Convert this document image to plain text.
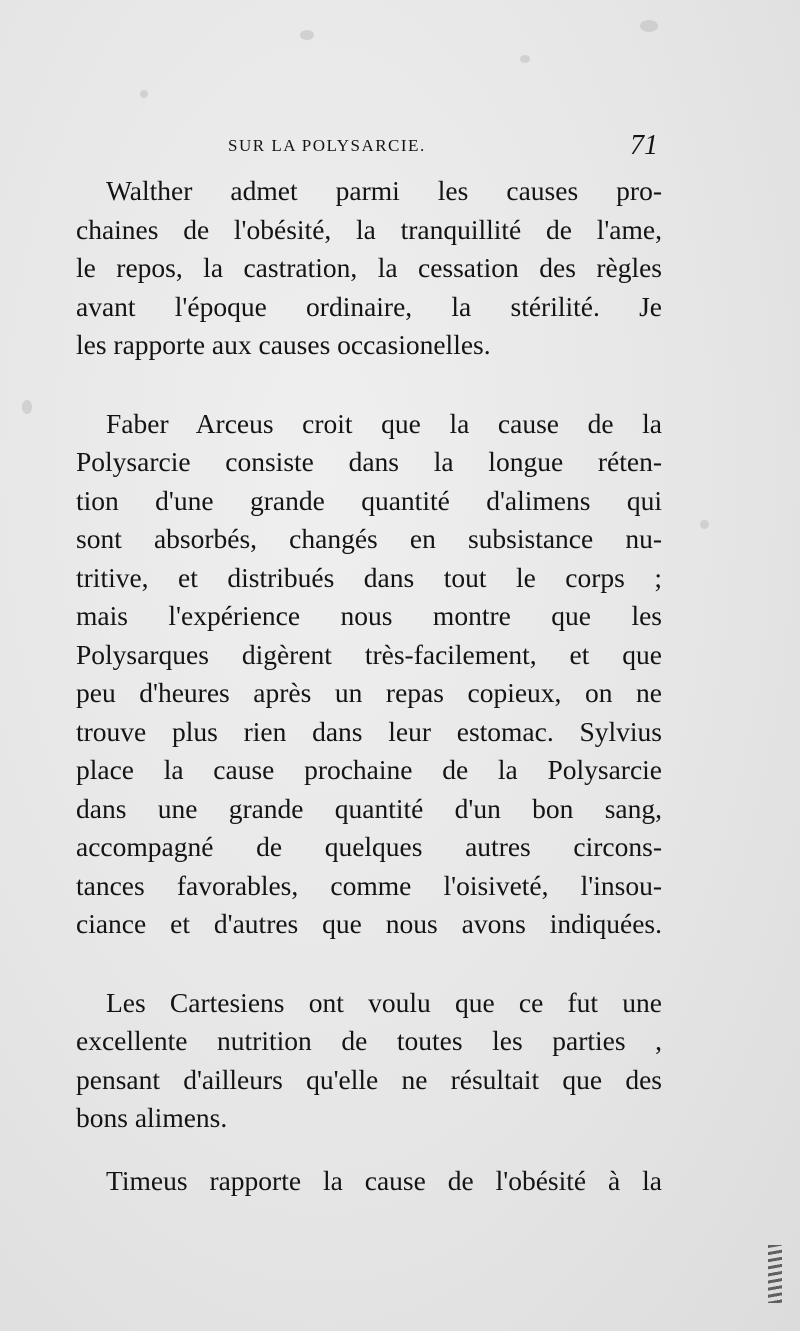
SUR LA POLYSARCIE.	71
Walther admet parmi les causes pro-
chaines de l'obésité, la tranquillité de l'ame,
le repos, la castration, la cessation des règles
avant l'époque ordinaire, la stérilité. Je
les rapporte aux causes occasionelles.
Faber Arceus croit que la cause de la
Polysarcie consiste dans la longue réten-
tion d'une grande quantité d'alimens qui
sont absorbés, changés en subsistance nu-
tritive, et distribués dans tout le corps ;
mais l'expérience nous montre que les
Polysarques digèrent très-facilement, et que
peu d'heures après un repas copieux, on ne
trouve plus rien dans leur estomac. Sylvius
place la cause prochaine de la Polysarcie
dans une grande quantité d'un bon sang,
accompagné de quelques autres circons-
tances favorables, comme l'oisiveté, l'insou-
ciance et d'autres que nous avons indiquées.
Les Cartesiens ont voulu que ce fut une
excellente nutrition de toutes les parties ,
pensant d'ailleurs qu'elle ne résultait que des
bons alimens.
Timeus rapporte la cause de l'obésité à la
